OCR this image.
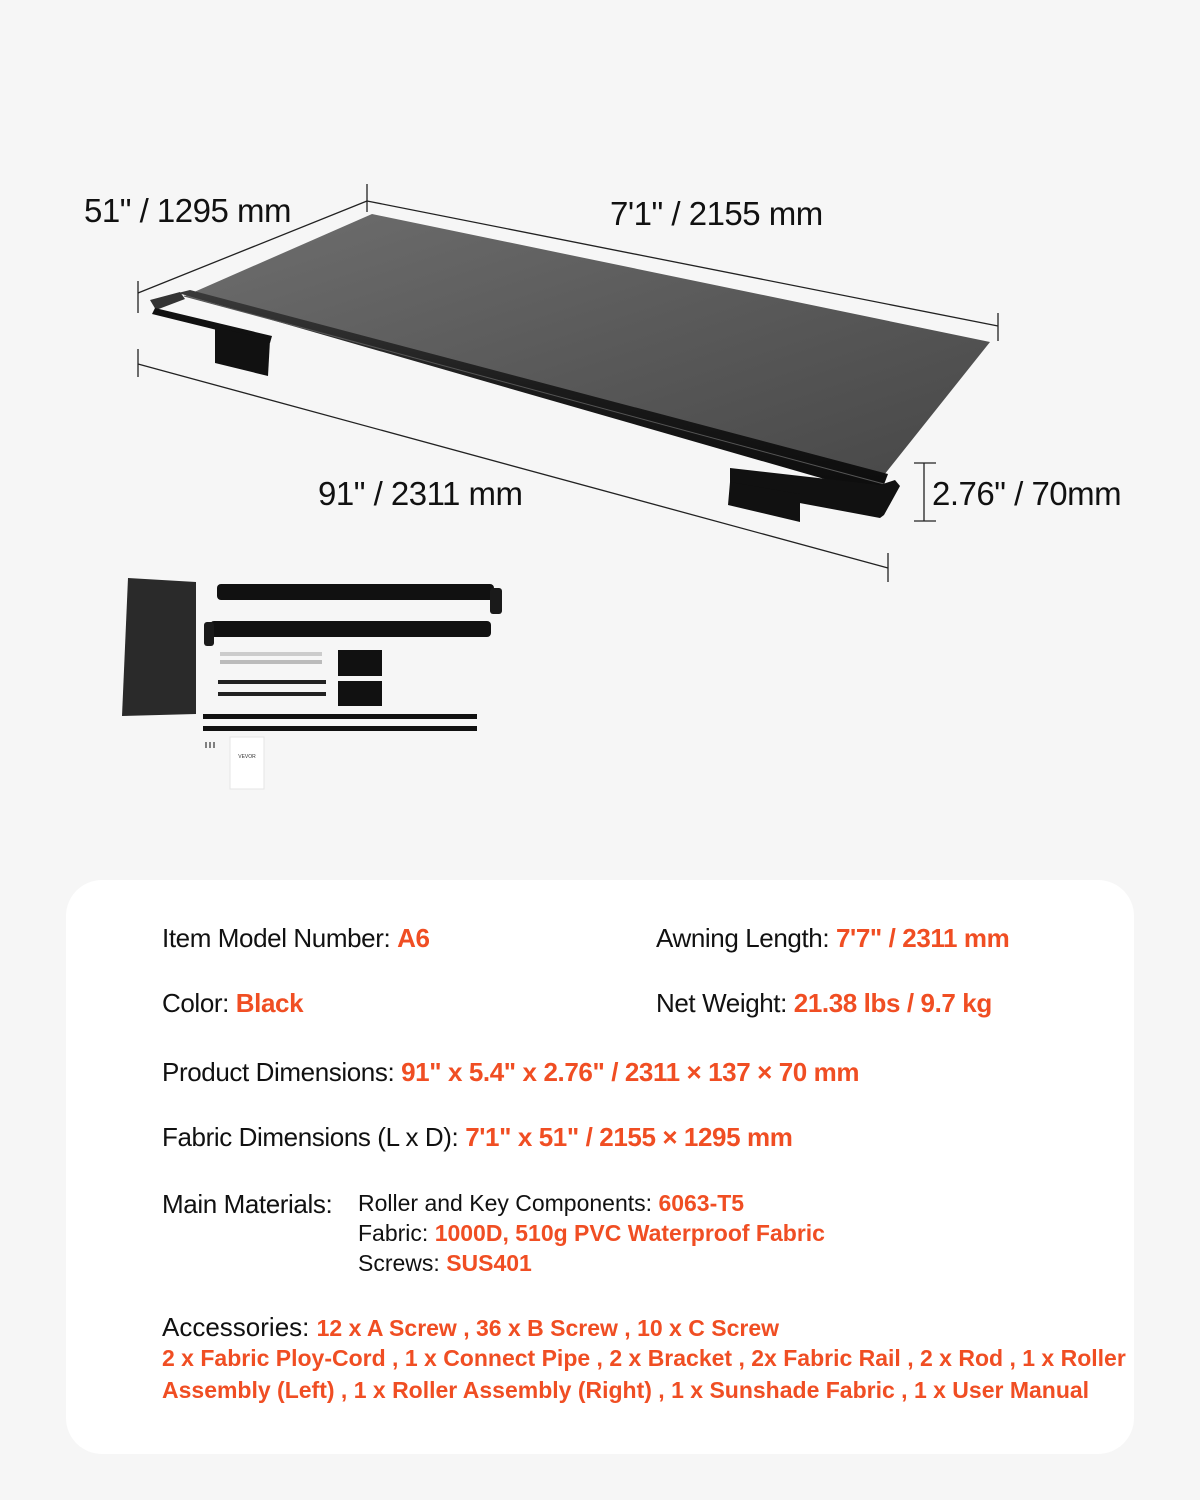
VEVOR
51" / 1295 mm	7'1" / 2155 mm
91" / 2311 mm	2.76" / 70mm
Item Model Number: A6	Awning Length: 7'7" / 2311 mm
Color: Black	Net Weight: 21.38 lbs / 9.7 kg
Product Dimensions: 91" x 5.4" x 2.76" / 2311 × 137 × 70 mm
Fabric Dimensions (L x D): 7'1" x 51" / 2155 × 1295 mm
Main Materials: Roller and Key Components: 6063-T5
Fabric: 1000D, 510g PVC Waterproof Fabric
Screws: SUS401
Accessories: 12 x A Screw , 36 x B Screw , 10 x C Screw
2 x Fabric Ploy-Cord , 1 x Connect Pipe , 2 x Bracket , 2x Fabric Rail , 2 x Rod , 1 x Roller
Assembly (Left) , 1 x Roller Assembly (Right) , 1 x Sunshade Fabric , 1 x User Manual
